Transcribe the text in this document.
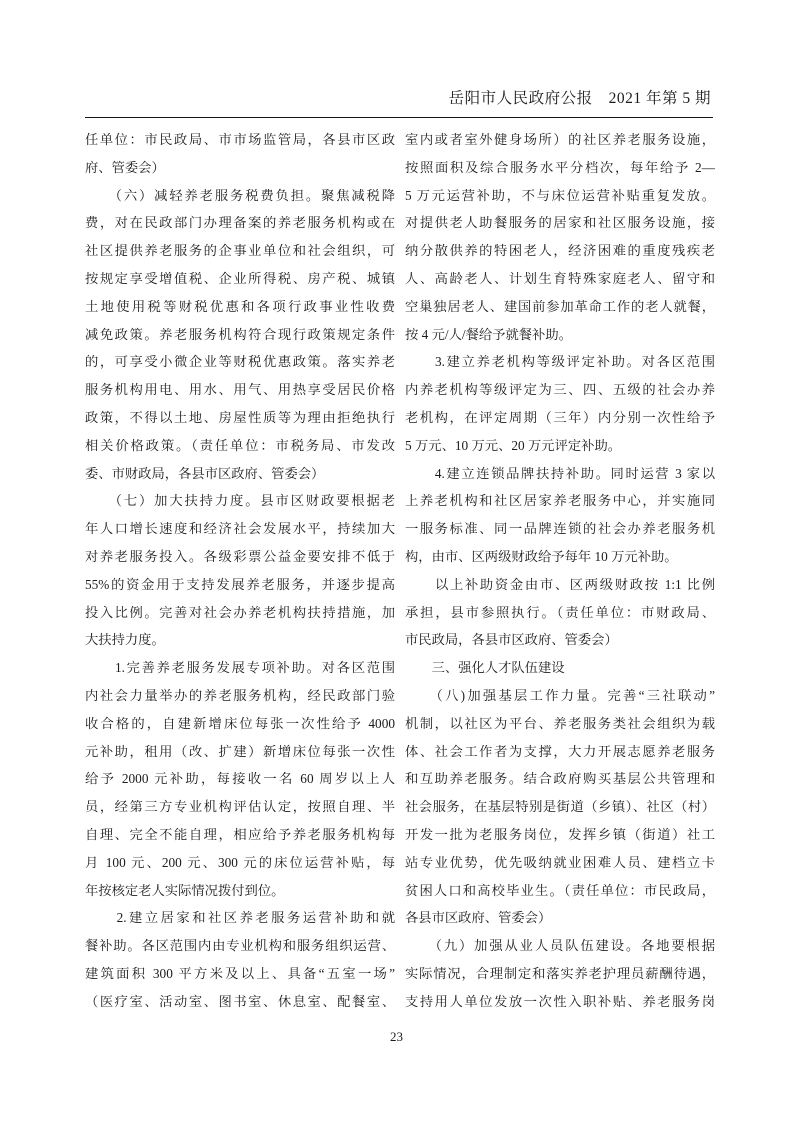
岳阳市人民政府公报　2021 年第 5 期
任单位：市民政局、市市场监管局，各县市区政
府、管委会）
　　（六）减轻养老服务税费负担。聚焦减税降
费，对在民政部门办理备案的养老服务机构或在
社区提供养老服务的企事业单位和社会组织，可
按规定享受增值税、企业所得税、房产税、城镇
土地使用税等财税优惠和各项行政事业性收费
减免政策。养老服务机构符合现行政策规定条件
的，可享受小微企业等财税优惠政策。落实养老
服务机构用电、用水、用气、用热享受居民价格
政策，不得以土地、房屋性质等为理由拒绝执行
相关价格政策。（责任单位：市税务局、市发改
委、市财政局，各县市区政府、管委会）
　　（七）加大扶持力度。县市区财政要根据老
年人口增长速度和经济社会发展水平，持续加大
对养老服务投入。各级彩票公益金要安排不低于
55%的资金用于支持发展养老服务，并逐步提高
投入比例。完善对社会办养老机构扶持措施，加
大扶持力度。
　　1.完善养老服务发展专项补助。对各区范围
内社会力量举办的养老服务机构，经民政部门验
收合格的，自建新增床位每张一次性给予 4000
元补助，租用（改、扩建）新增床位每张一次性
给予 2000 元补助，每接收一名 60 周岁以上人
员，经第三方专业机构评估认定，按照自理、半
自理、完全不能自理，相应给予养老服务机构每
月 100 元、200 元、300 元的床位运营补贴，每
年按核定老人实际情况拨付到位。
　　2.建立居家和社区养老服务运营补助和就
餐补助。各区范围内由专业机构和服务组织运营、
建筑面积 300 平方米及以上、具备“五室一场”
（医疗室、活动室、图书室、休息室、配餐室、
室内或者室外健身场所）的社区养老服务设施，
按照面积及综合服务水平分档次，每年给予 2—
5 万元运营补助，不与床位运营补贴重复发放。
对提供老人助餐服务的居家和社区服务设施，接
纳分散供养的特困老人，经济困难的重度残疾老
人、高龄老人、计划生育特殊家庭老人、留守和
空巢独居老人、建国前参加革命工作的老人就餐，
按 4 元/人/餐给予就餐补助。
　　3.建立养老机构等级评定补助。对各区范围
内养老机构等级评定为三、四、五级的社会办养
老机构，在评定周期（三年）内分别一次性给予
5 万元、10 万元、20 万元评定补助。
　　4.建立连锁品牌扶持补助。同时运营 3 家以
上养老机构和社区居家养老服务中心，并实施同
一服务标准、同一品牌连锁的社会办养老服务机
构，由市、区两级财政给予每年 10 万元补助。
　　以上补助资金由市、区两级财政按 1:1 比例
承担，县市参照执行。（责任单位：市财政局、
市民政局，各县市区政府、管委会）
　　三、强化人才队伍建设
　　（八)加强基层工作力量。完善“三社联动”
机制，以社区为平台、养老服务类社会组织为载
体、社会工作者为支撑，大力开展志愿养老服务
和互助养老服务。结合政府购买基层公共管理和
社会服务，在基层特别是街道（乡镇）、社区（村）
开发一批为老服务岗位，发挥乡镇（街道）社工
站专业优势，优先吸纳就业困难人员、建档立卡
贫困人口和高校毕业生。（责任单位：市民政局，
各县市区政府、管委会）
　　（九）加强从业人员队伍建设。各地要根据
实际情况，合理制定和落实养老护理员薪酬待遇，
支持用人单位发放一次性入职补贴、养老服务岗
23
